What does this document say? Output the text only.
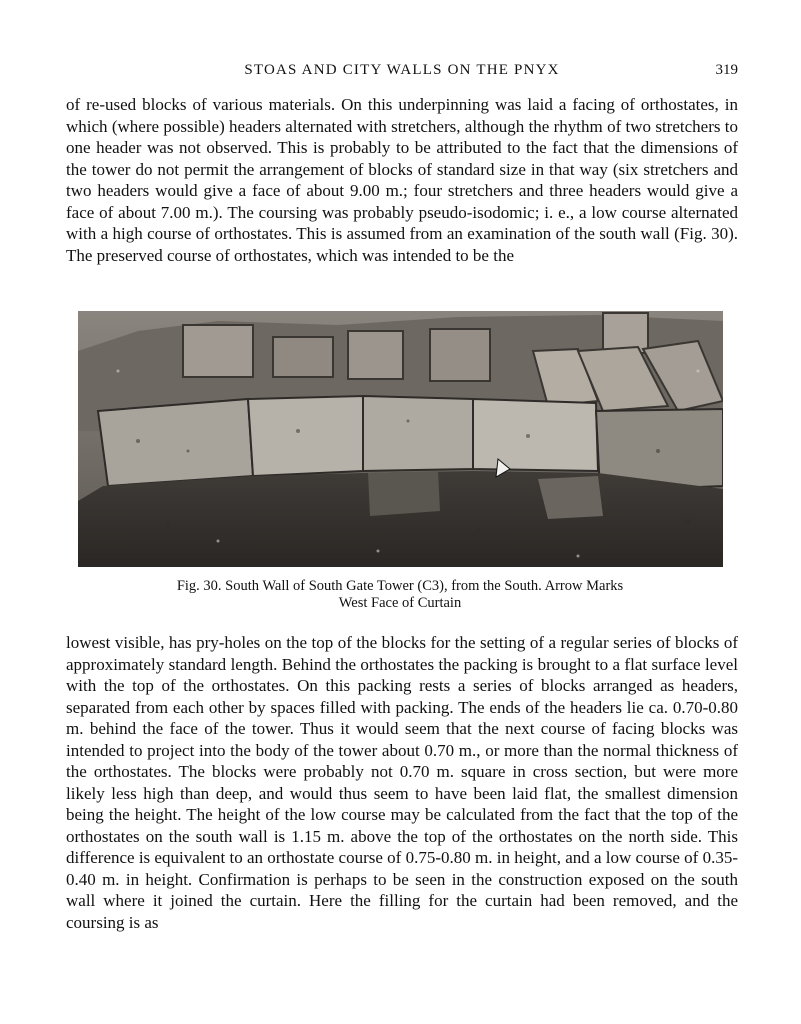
STOAS AND CITY WALLS ON THE PNYX	319

of re-used blocks of various materials. On this underpinning was laid a facing of orthostates, in which (where possible) headers alternated with stretchers, although the rhythm of two stretchers to one header was not observed. This is probably to be attributed to the fact that the dimensions of the tower do not permit the arrangement of blocks of standard size in that way (six stretchers and two headers would give a face of about 9.00 m.; four stretchers and three headers would give a face of about 7.00 m.). The coursing was probably pseudo-isodomic; i. e., a low course alternated with a high course of orthostates. This is assumed from an examination of the south wall (Fig. 30). The preserved course of orthostates, which was intended to be the

Fig. 30. South Wall of South Gate Tower (C3), from the South. Arrow Marks
West Face of Curtain

lowest visible, has pry-holes on the top of the blocks for the setting of a regular series of blocks of approximately standard length. Behind the orthostates the packing is brought to a flat surface level with the top of the orthostates. On this packing rests a series of blocks arranged as headers, separated from each other by spaces filled with packing. The ends of the headers lie ca. 0.70-0.80 m. behind the face of the tower. Thus it would seem that the next course of facing blocks was intended to project into the body of the tower about 0.70 m., or more than the normal thickness of the orthostates. The blocks were probably not 0.70 m. square in cross section, but were more likely less high than deep, and would thus seem to have been laid flat, the smallest dimension being the height. The height of the low course may be calculated from the fact that the top of the orthostates on the south wall is 1.15 m. above the top of the orthostates on the north side. This difference is equivalent to an orthostate course of 0.75-0.80 m. in height, and a low course of 0.35-0.40 m. in height. Confirmation is perhaps to be seen in the construction exposed on the south wall where it joined the curtain. Here the filling for the curtain had been removed, and the coursing is as
